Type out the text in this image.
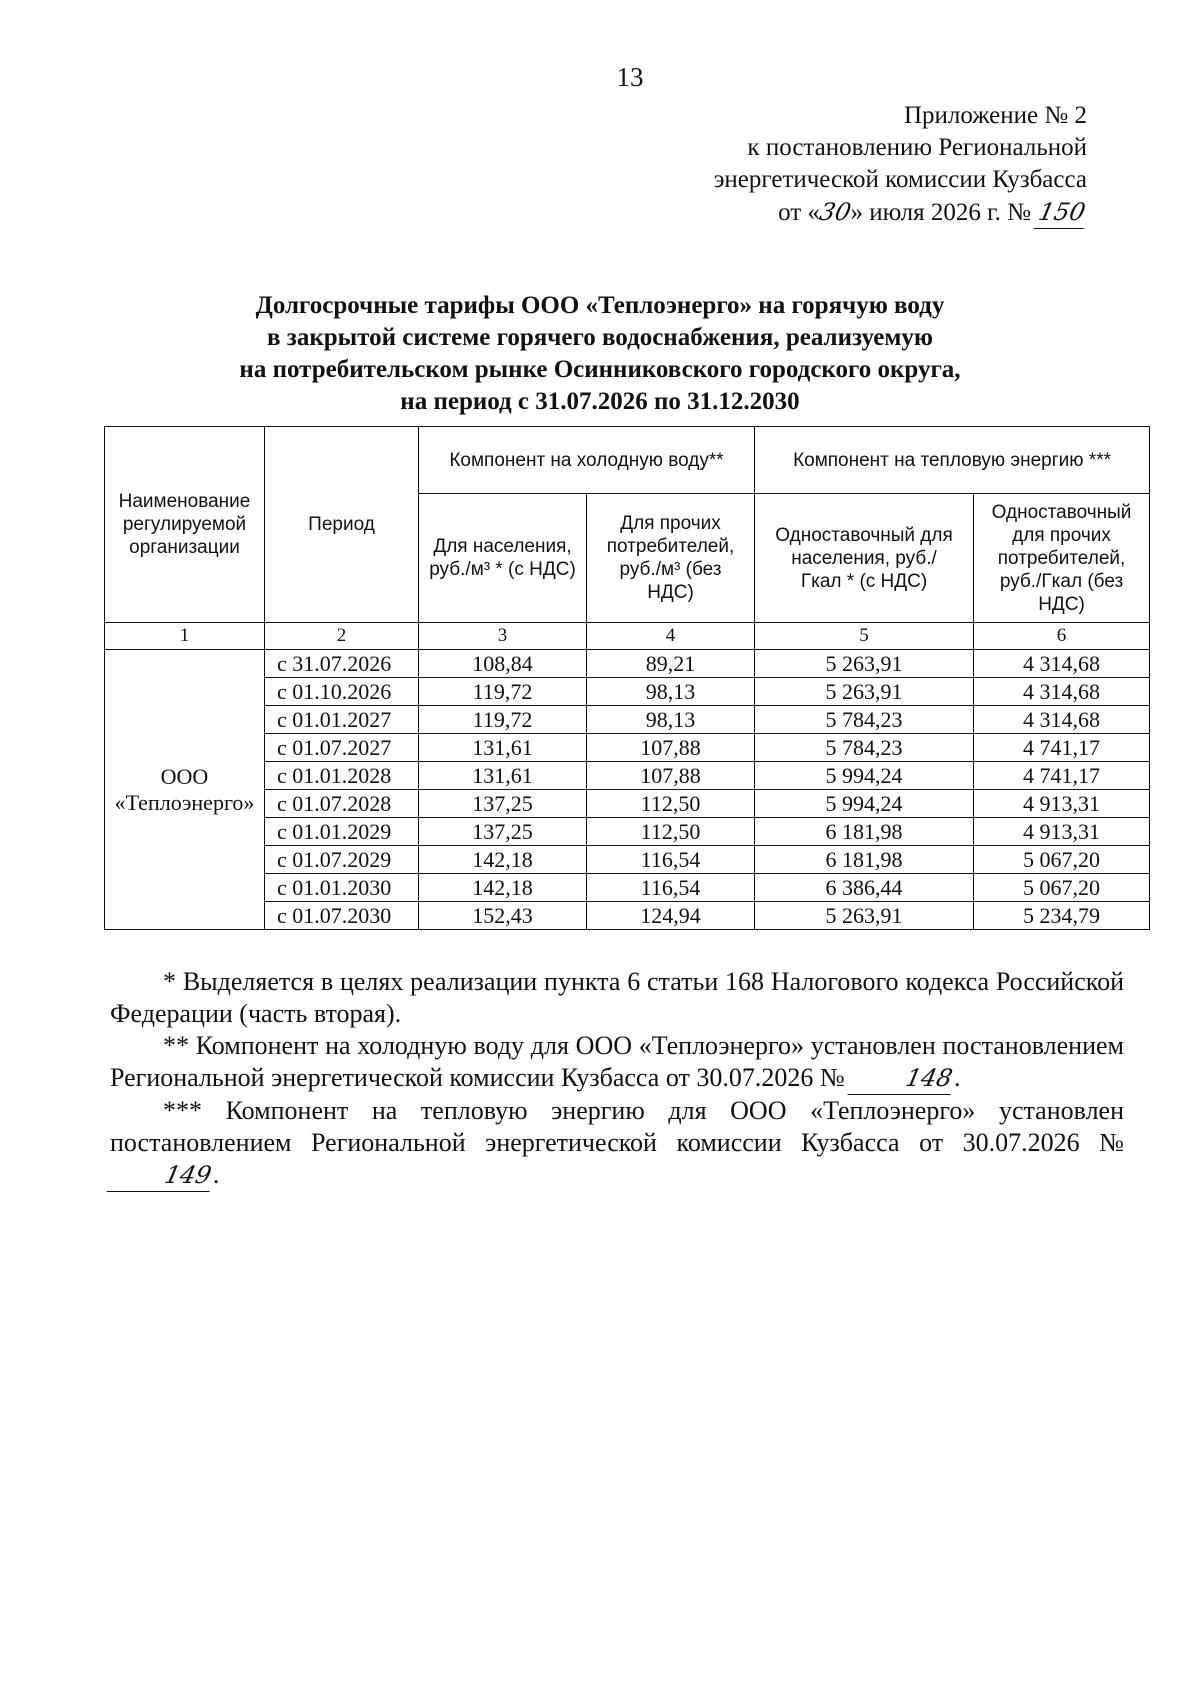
13
Приложение № 2
к постановлению Региональной
энергетической комиссии Кузбасса
от «30» июля 2026 г. № 150
Долгосрочные тарифы ООО «Теплоэнерго» на горячую воду
в закрытой системе горячего водоснабжения, реализуемую
на потребительском рынке Осинниковского городского округа,
на период с 31.07.2026 по 31.12.2030
Наименование регулируемой организации	Период	Компонент на холодную воду**		Компонент на тепловую энергию ***	

		Для населения, руб./м³ * (с НДС)	Для прочих потребителей, руб./м³ (без НДС)	Одноставочный для населения, руб./Гкал * (с НДС)	Одноставочный для прочих потребителей, руб./Гкал (без НДС)

1	2	3	4	5	6

ООО
«Теплоэнерго»	с 31.07.2026	108,84	89,21	5 263,91	4 314,68
	с 01.10.2026	119,72	98,13	5 263,91	4 314,68
	с 01.01.2027	119,72	98,13	5 784,23	4 314,68
	с 01.07.2027	131,61	107,88	5 784,23	4 741,17
	с 01.01.2028	131,61	107,88	5 994,24	4 741,17
	с 01.07.2028	137,25	112,50	5 994,24	4 913,31
	с 01.01.2029	137,25	112,50	6 181,98	4 913,31
	с 01.07.2029	142,18	116,54	6 181,98	5 067,20
	с 01.01.2030	142,18	116,54	6 386,44	5 067,20
	с 01.07.2030	152,43	124,94	5 263,91	5 234,79

* Выделяется в целях реализации пункта 6 статьи 168 Налогового кодекса Российской Федерации (часть вторая).

** Компонент на холодную воду для ООО «Теплоэнерго» установлен постановлением Региональной энергетической комиссии Кузбасса от 30.07.2026 № 148.

*** Компонент на тепловую энергию для ООО «Теплоэнерго» установлен постановлением Региональной энергетической комиссии Кузбасса от 30.07.2026 № 149.
